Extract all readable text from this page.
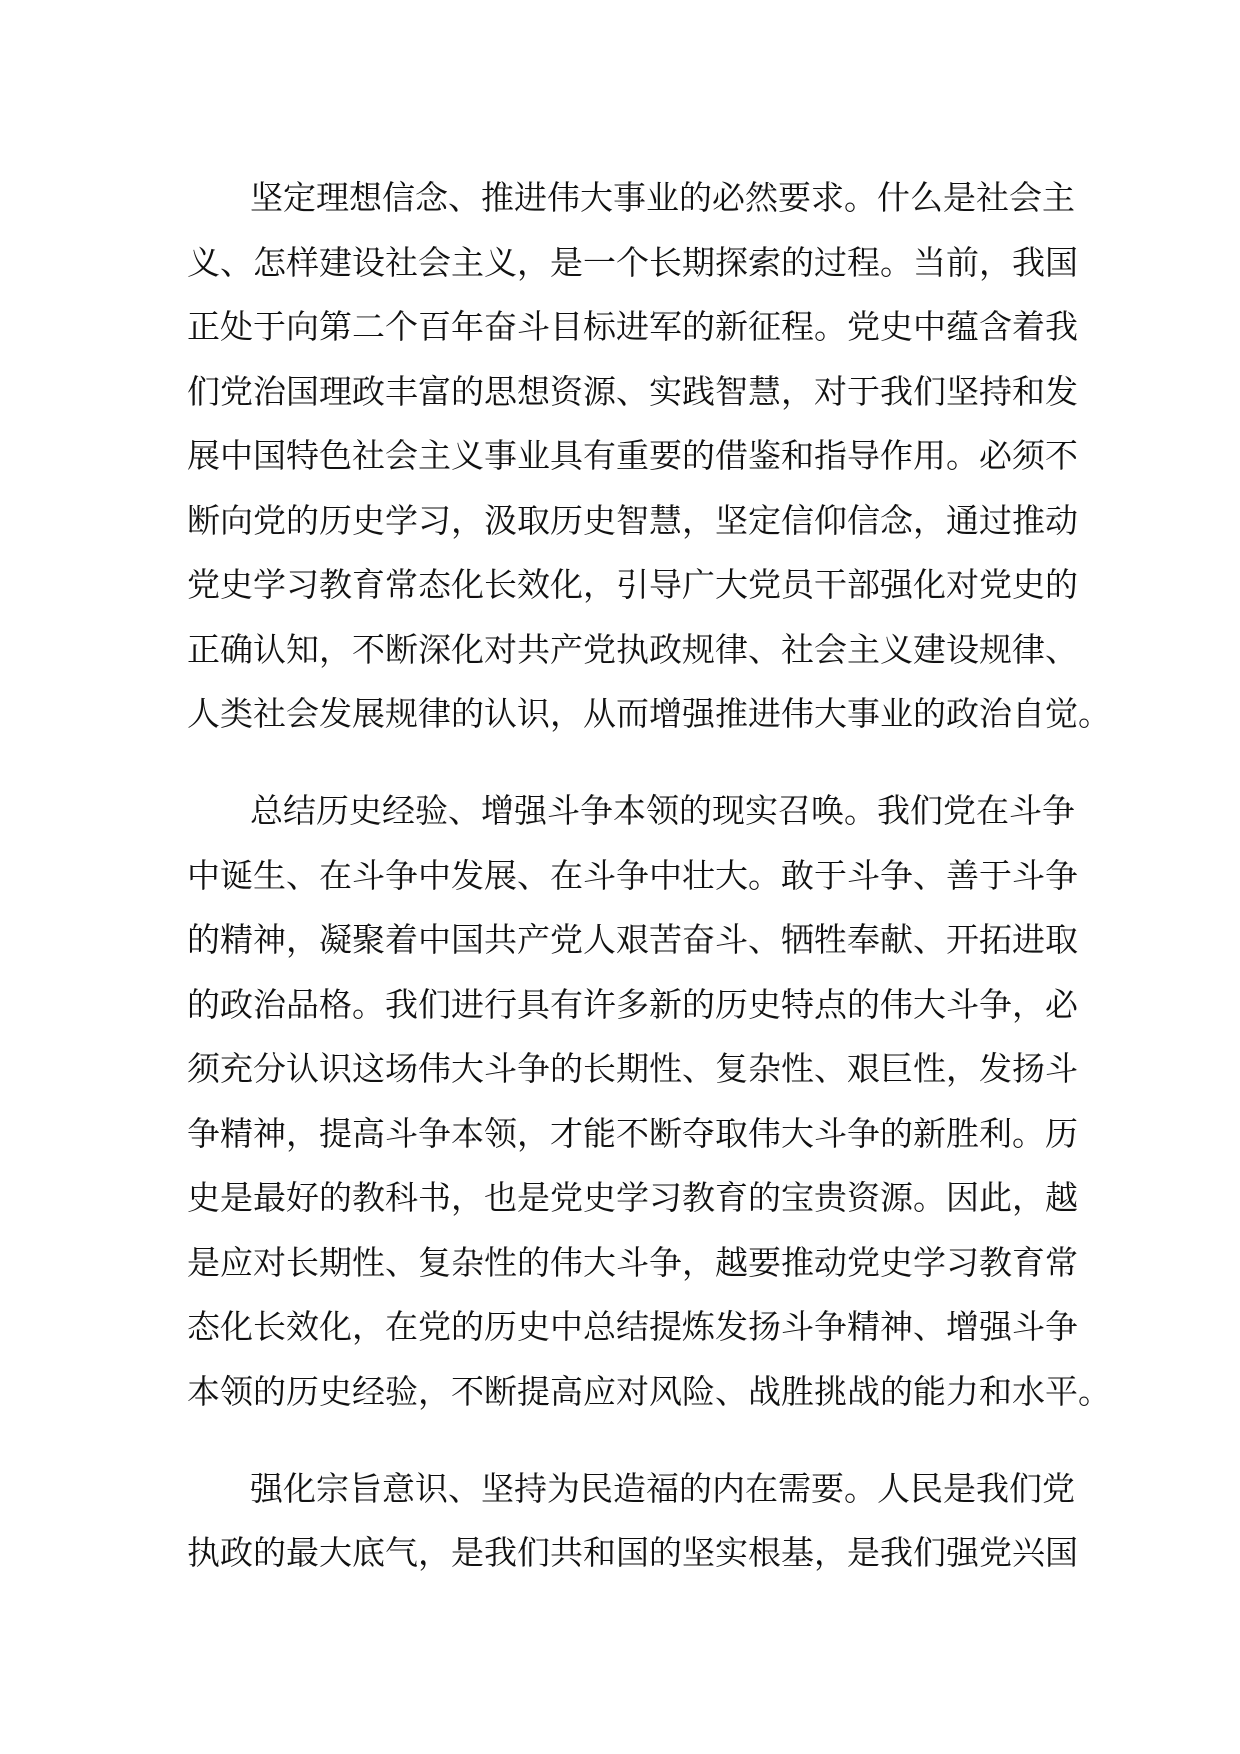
坚定理想信念、推进伟大事业的必然要求。什么是社会主
义、怎样建设社会主义，是一个长期探索的过程。当前，我国
正处于向第二个百年奋斗目标进军的新征程。党史中蕴含着我
们党治国理政丰富的思想资源、实践智慧，对于我们坚持和发
展中国特色社会主义事业具有重要的借鉴和指导作用。必须不
断向党的历史学习，汲取历史智慧，坚定信仰信念，通过推动
党史学习教育常态化长效化，引导广大党员干部强化对党史的
正确认知，不断深化对共产党执政规律、社会主义建设规律、
人类社会发展规律的认识，从而增强推进伟大事业的政治自觉。
总结历史经验、增强斗争本领的现实召唤。我们党在斗争
中诞生、在斗争中发展、在斗争中壮大。敢于斗争、善于斗争
的精神，凝聚着中国共产党人艰苦奋斗、牺牲奉献、开拓进取
的政治品格。我们进行具有许多新的历史特点的伟大斗争，必
须充分认识这场伟大斗争的长期性、复杂性、艰巨性，发扬斗
争精神，提高斗争本领，才能不断夺取伟大斗争的新胜利。历
史是最好的教科书，也是党史学习教育的宝贵资源。因此，越
是应对长期性、复杂性的伟大斗争，越要推动党史学习教育常
态化长效化，在党的历史中总结提炼发扬斗争精神、增强斗争
本领的历史经验，不断提高应对风险、战胜挑战的能力和水平。
强化宗旨意识、坚持为民造福的内在需要。人民是我们党
执政的最大底气，是我们共和国的坚实根基，是我们强党兴国
